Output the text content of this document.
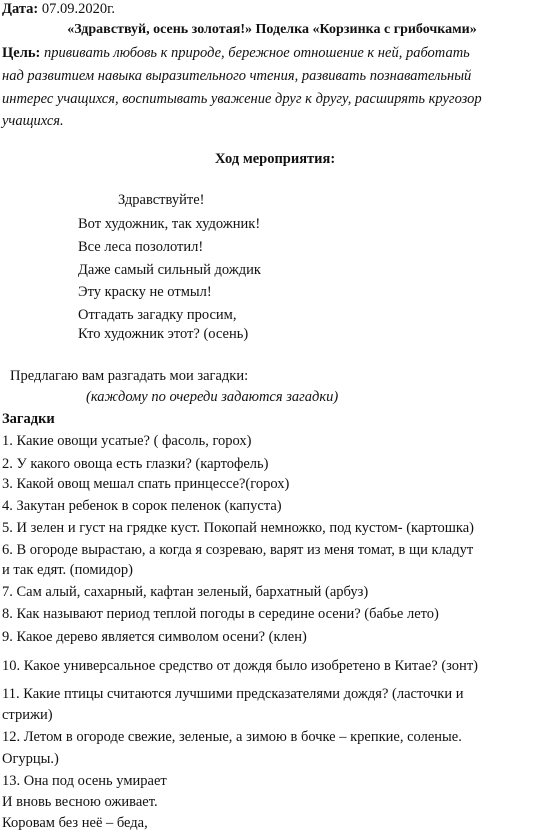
Дата: 07.09.2020г.
«Здравствуй, осень золотая!» Поделка «Корзинка с грибочками»
Цель: прививать любовь к природе, бережное отношение к ней, работать
над развитием навыка выразительного чтения, развивать познавательный
интерес учащихся, воспитывать уважение друг к другу, расширять кругозор
учащихся.
Ход мероприятия:
Здравствуйте!
Вот художник, так художник!
Все леса позолотил!
Даже самый сильный дождик
Эту краску не отмыл!
Отгадать загадку просим,
Кто художник этот? (осень)
Предлагаю вам разгадать мои загадки:
(каждому по очереди задаются загадки)
Загадки
1. Какие овощи усатые? ( фасоль, горох)
2. У какого овоща есть глазки? (картофель)
3. Какой овощ мешал спать принцессе?(горох)
4. Закутан ребенок в сорок пеленок (капуста)
5. И зелен и густ на грядке куст. Покопай немножко, под кустом- (картошка)
6. В огороде вырастаю, а когда я созреваю, варят из меня томат, в щи кладут
и так едят. (помидор)
7. Сам алый, сахарный, кафтан зеленый, бархатный (арбуз)
8. Как называют период теплой погоды в середине осени? (бабье лето)
9. Какое дерево является символом осени? (клен)
10. Какое универсальное средство от дождя было изобретено в Китае? (зонт)
11. Какие птицы считаются лучшими предсказателями дождя? (ласточки и
стрижи)
12. Летом в огороде свежие, зеленые, а зимою в бочке – крепкие, соленые.
Огурцы.)
13. Она под осень умирает
И вновь весною оживает.
Коровам без неё – беда,
